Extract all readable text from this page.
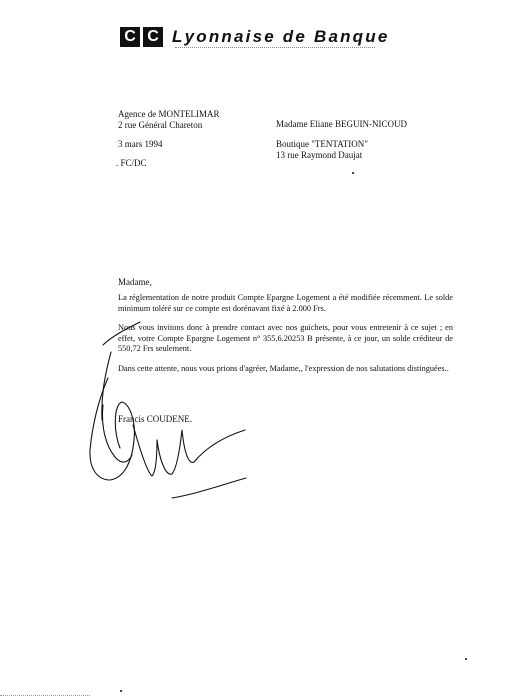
C C Lyonnaise de Banque
Agence de MONTELIMAR
2 rue Général Chareton
3 mars 1994
. FC/DC
Madame Eliane BEGUIN-NICOUD
Boutique "TENTATION"
13 rue Raymond Daujat
Madame,

La réglementation de notre produit Compte Epargne Logement a été modifiée récemment. Le solde minimum toléré sur ce compte est dorénavant fixé à 2.000 Frs.

Nous vous invitons donc à prendre contact avec nos guichets, pour vous entretenir à ce sujet ; en effet, votre Compte Epargne Logement n° 355.6.20253 B présente, à ce jour, un solde créditeur de 550,72 Frs seulement.

Dans cette attente, nous vous prions d'agréer, Madame,, l'expression de nos salutations distinguées..

Francis COUDENE.
